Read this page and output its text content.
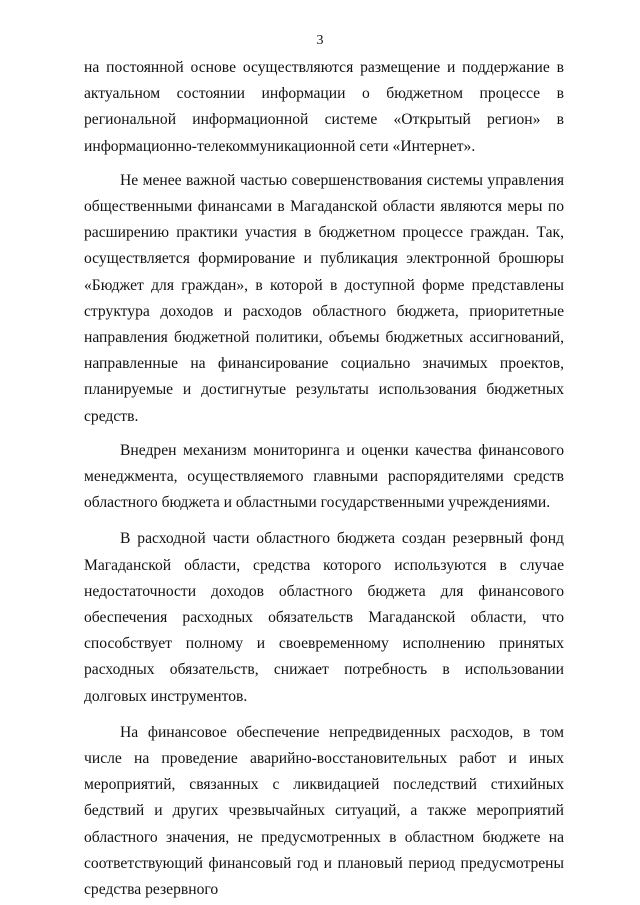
3

на постоянной основе осуществляются размещение и поддержание в актуальном состоянии информации о бюджетном процессе в региональной информационной системе «Открытый регион» в информационно-телекоммуникационной сети «Интернет».

Не менее важной частью совершенствования системы управления общественными финансами в Магаданской области являются меры по расширению практики участия в бюджетном процессе граждан. Так, осуществляется формирование и публикация электронной брошюры «Бюджет для граждан», в которой в доступной форме представлены структура доходов и расходов областного бюджета, приоритетные направления бюджетной политики, объемы бюджетных ассигнований, направленные на финансирование социально значимых проектов, планируемые и достигнутые результаты использования бюджетных средств.

Внедрен механизм мониторинга и оценки качества финансового менеджмента, осуществляемого главными распорядителями средств областного бюджета и областными государственными учреждениями.

В расходной части областного бюджета создан резервный фонд Магаданской области, средства которого используются в случае недостаточности доходов областного бюджета для финансового обеспечения расходных обязательств Магаданской области, что способствует полному и своевременному исполнению принятых расходных обязательств, снижает потребность в использовании долговых инструментов.

На финансовое обеспечение непредвиденных расходов, в том числе на проведение аварийно-восстановительных работ и иных мероприятий, связанных с ликвидацией последствий стихийных бедствий и других чрезвычайных ситуаций, а также мероприятий областного значения, не предусмотренных в областном бюджете на соответствующий финансовый год и плановый период предусмотрены средства резервного
